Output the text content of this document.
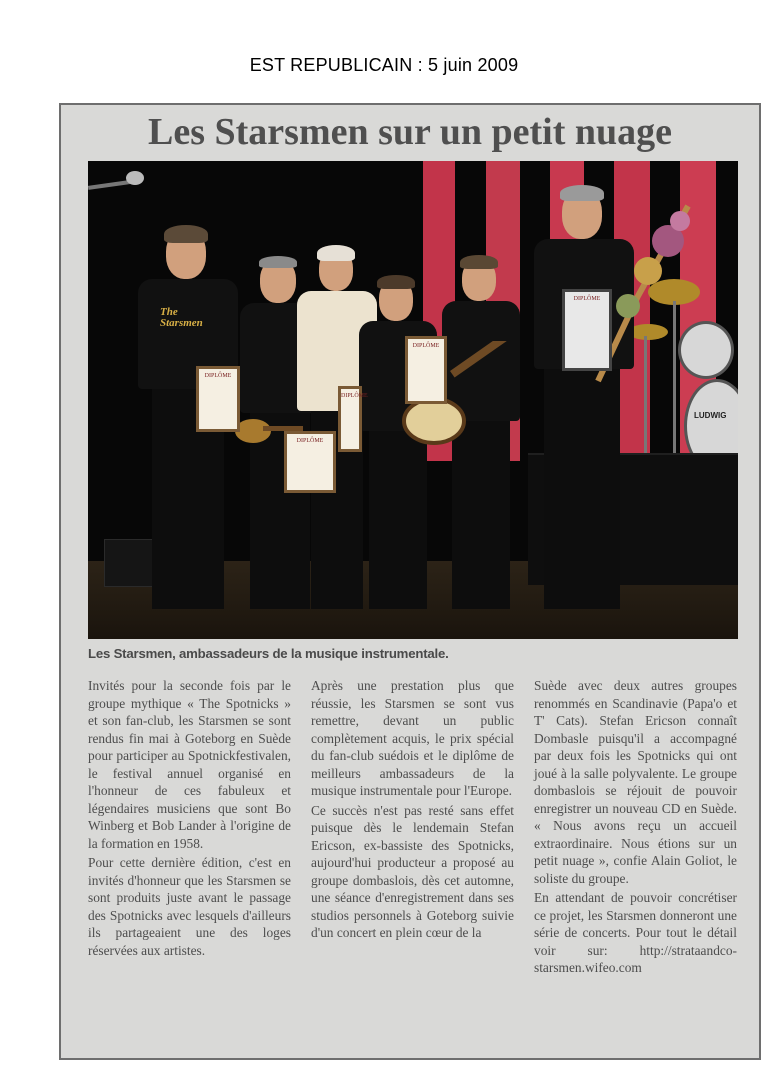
EST REPUBLICAIN : 5 juin 2009
Les Starsmen sur un petit nuage
LUDWIG
The Starsmen
DIPLÔME
DIPLÔME
DIPLÔME
DIPLÔME
DIPLÔME
Les Starsmen, ambassadeurs de la musique instrumentale.

Invités pour la seconde fois par le groupe mythique « The Spotnicks » et son fan-club, les Starsmen se sont rendus fin mai à Goteborg en Suède pour participer au Spotnickfestivalen, le festival annuel organisé en l'honneur de ces fabuleux et légendaires musiciens que sont Bo Winberg et Bob Lander à l'origine de la formation en 1958.

Pour cette dernière édition, c'est en invités d'honneur que les Starsmen se sont produits juste avant le passage des Spotnicks avec lesquels d'ailleurs ils partageaient une des loges réservées aux artistes.

Après une prestation plus que réussie, les Starsmen se sont vus remettre, devant un public complètement acquis, le prix spécial du fan-club suédois et le diplôme de meilleurs ambassadeurs de la musique instrumentale pour l'Europe.

Ce succès n'est pas resté sans effet puisque dès le lendemain Stefan Ericson, ex-bassiste des Spotnicks, aujourd'hui producteur a proposé au groupe dombaslois, dès cet automne, une séance d'enregistrement dans ses studios personnels à Goteborg suivie d'un concert en plein cœur de la

Suède avec deux autres groupes renommés en Scandinavie (Papa'o et T' Cats). Stefan Ericson connaît Dombasle puisqu'il a accompagné par deux fois les Spotnicks qui ont joué à la salle polyvalente. Le groupe dombaslois se réjouit de pouvoir enregistrer un nouveau CD en Suède. « Nous avons reçu un accueil extraordinaire. Nous étions sur un petit nuage », confie Alain Goliot, le soliste du groupe.

En attendant de pouvoir concrétiser ce projet, les Starsmen donneront une série de concerts. Pour tout le détail voir sur: http://strataandco-starsmen.wifeo.com
